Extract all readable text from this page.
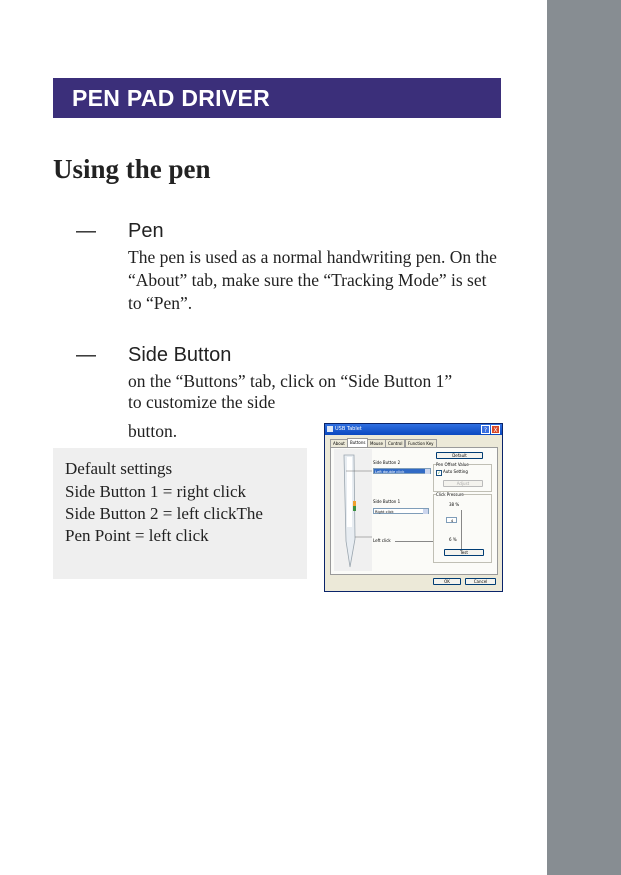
PEN PAD DRIVER
Using the pen
— Pen

The pen is used as a normal handwriting pen. On the “About” tab, make sure the “Tracking Mode” is set to “Pen”.

— Side Button
on the “Buttons” tab, click on “Side Button 1”
to customize the side
button.
Default settings
Side Button 1 = right click
Side Button 2 = left clickThe
Pen Point = left click
USB Tablet	?	X
About	Buttons	Mouse	Control	Function Key
Side Button 2
Left double click
Side Button 1
Right click
Left click
Default
Pen Offset Value
✓ Auto Setting
Adjust
Click Pressure
38 %
4
6 %
Test
OK	Cancel
